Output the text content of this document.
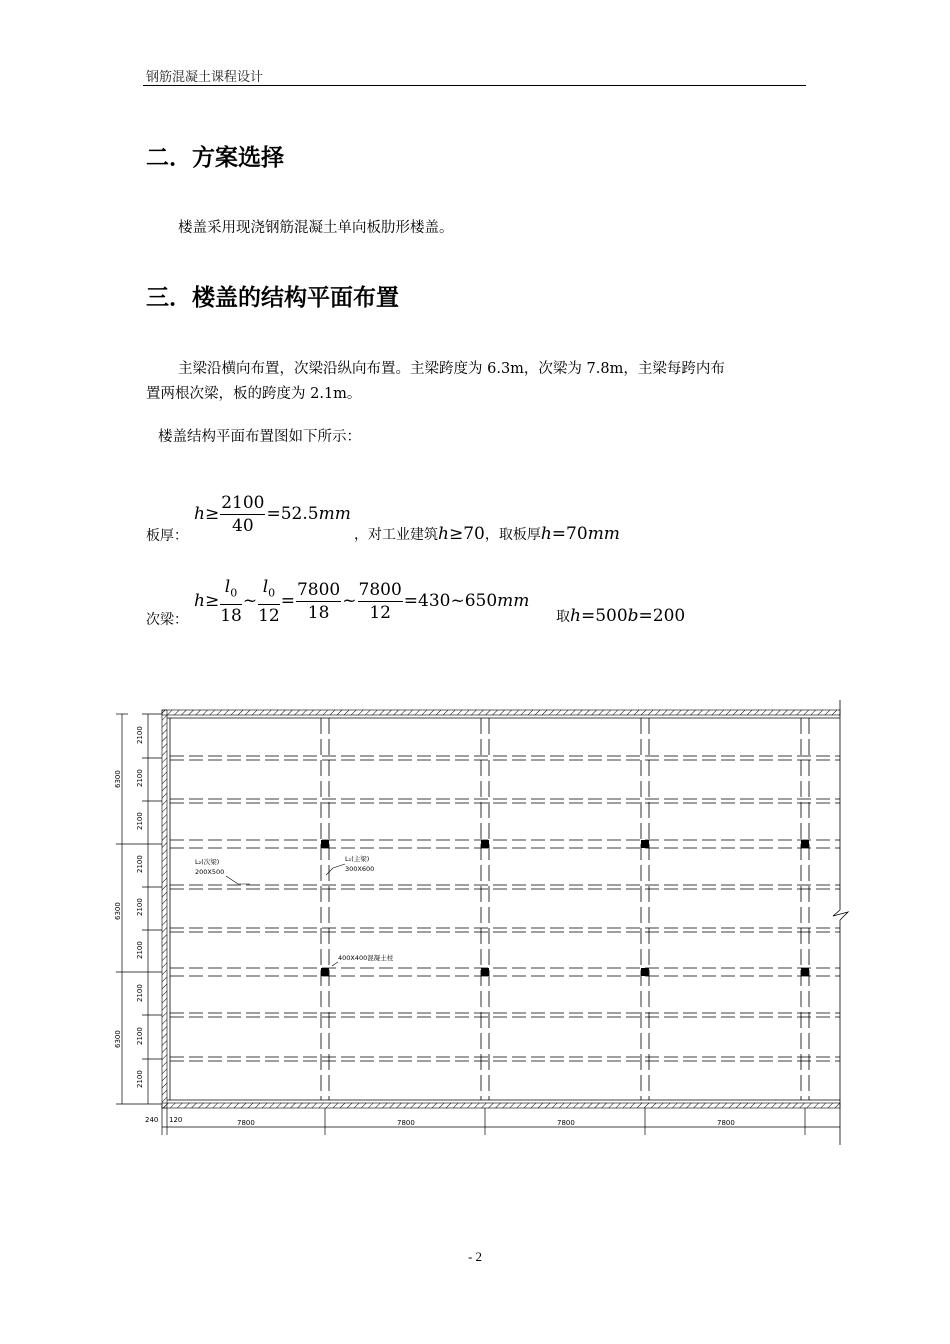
钢筋混凝土课程设计
二．方案选择
楼盖采用现浇钢筋混凝土单向板肋形楼盖。
三．楼盖的结构平面布置
主梁沿横向布置，次梁沿纵向布置。主梁跨度为 6.3m，次梁为 7.8m，主梁每跨内布
置两根次梁，板的跨度为 2.1m。
楼盖结构平面布置图如下所示：
板厚：
$h\ge \frac{2100}{40} =52.5mm$
，对工业建筑h≥70，取板厚h=70mm
次梁：
$h\ge \frac{l_0}{18}$ ~ $\frac{l_0}{12} = \frac{7800}{18}$ ~ $\frac{7800}{12}$ =430~650mm
取h=500b=200
L₂(次梁)
200X500
L₁(主梁)
300X600
400X400混凝土柱
2100
2100
2100
2100
2100
2100
2100
2100
2100
6300
6300
6300
240 120	7800	7800	7800	7800
- 2
